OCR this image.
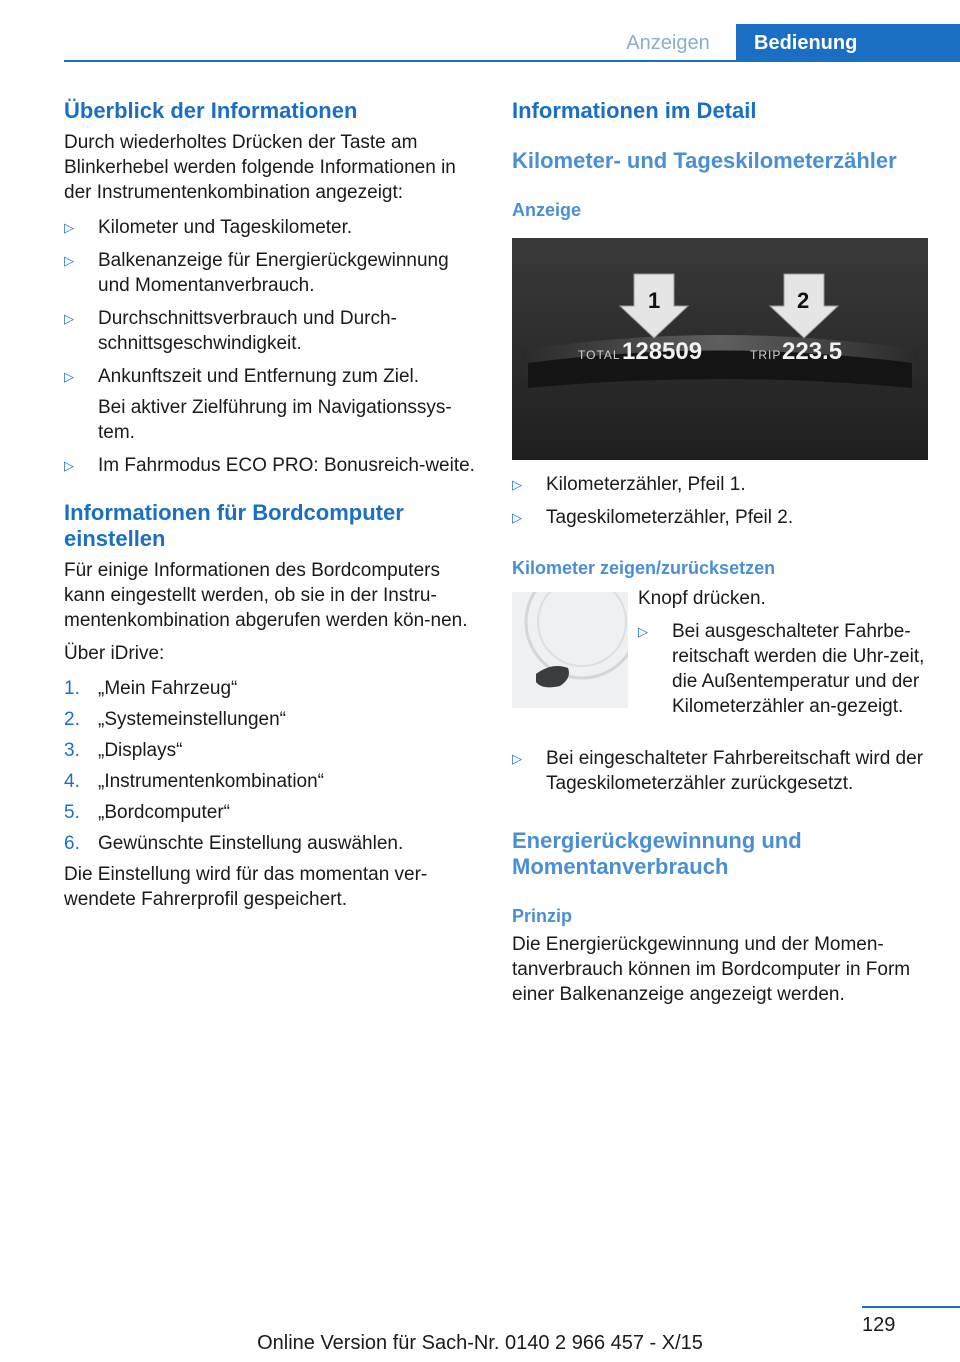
Anzeigen	Bedienung
Überblick der Informationen

Durch wiederholtes Drücken der Taste am Blinkerhebel werden folgende Informationen in der Instrumentenkombination angezeigt:

▷ Kilometer und Tageskilometer.
▷ Balkenanzeige für Energierückgewinnung und Momentanverbrauch.
▷ Durchschnittsverbrauch und Durch-schnittsgeschwindigkeit.
▷ Ankunftszeit und Entfernung zum Ziel.
Bei aktiver Zielführung im Navigationssys-tem.
▷ Im Fahrmodus ECO PRO: Bonusreich-weite.
Informationen für Bordcomputer einstellen

Für einige Informationen des Bordcomputers kann eingestellt werden, ob sie in der Instru-mentenkombination abgerufen werden kön-nen.

Über iDrive:

1. „Mein Fahrzeug“
2. „Systemeinstellungen“
3. „Displays“
4. „Instrumentenkombination“
5. „Bordcomputer“
6. Gewünschte Einstellung auswählen.

Die Einstellung wird für das momentan ver-wendete Fahrerprofil gespeichert.

Informationen im Detail
Kilometer- und Tageskilometerzähler
Anzeige
1	2
TOTAL 128509	TRIP 223.5
▷ Kilometerzähler, Pfeil 1.
▷ Tageskilometerzähler, Pfeil 2.
Kilometer zeigen/zurücksetzen

Knopf drücken.

▷ Bei ausgeschalteter Fahrbe-reitschaft werden die Uhr-zeit, die Außentemperatur und der Kilometerzähler an-gezeigt.
▷ Bei eingeschalteter Fahrbereitschaft wird der Tageskilometerzähler zurückgesetzt.
Energierückgewinnung und Momentanverbrauch
Prinzip

Die Energierückgewinnung und der Momen-tanverbrauch können im Bordcomputer in Form einer Balkenanzeige angezeigt werden.

129
Online Version für Sach-Nr. 0140 2 966 457 - X/15
